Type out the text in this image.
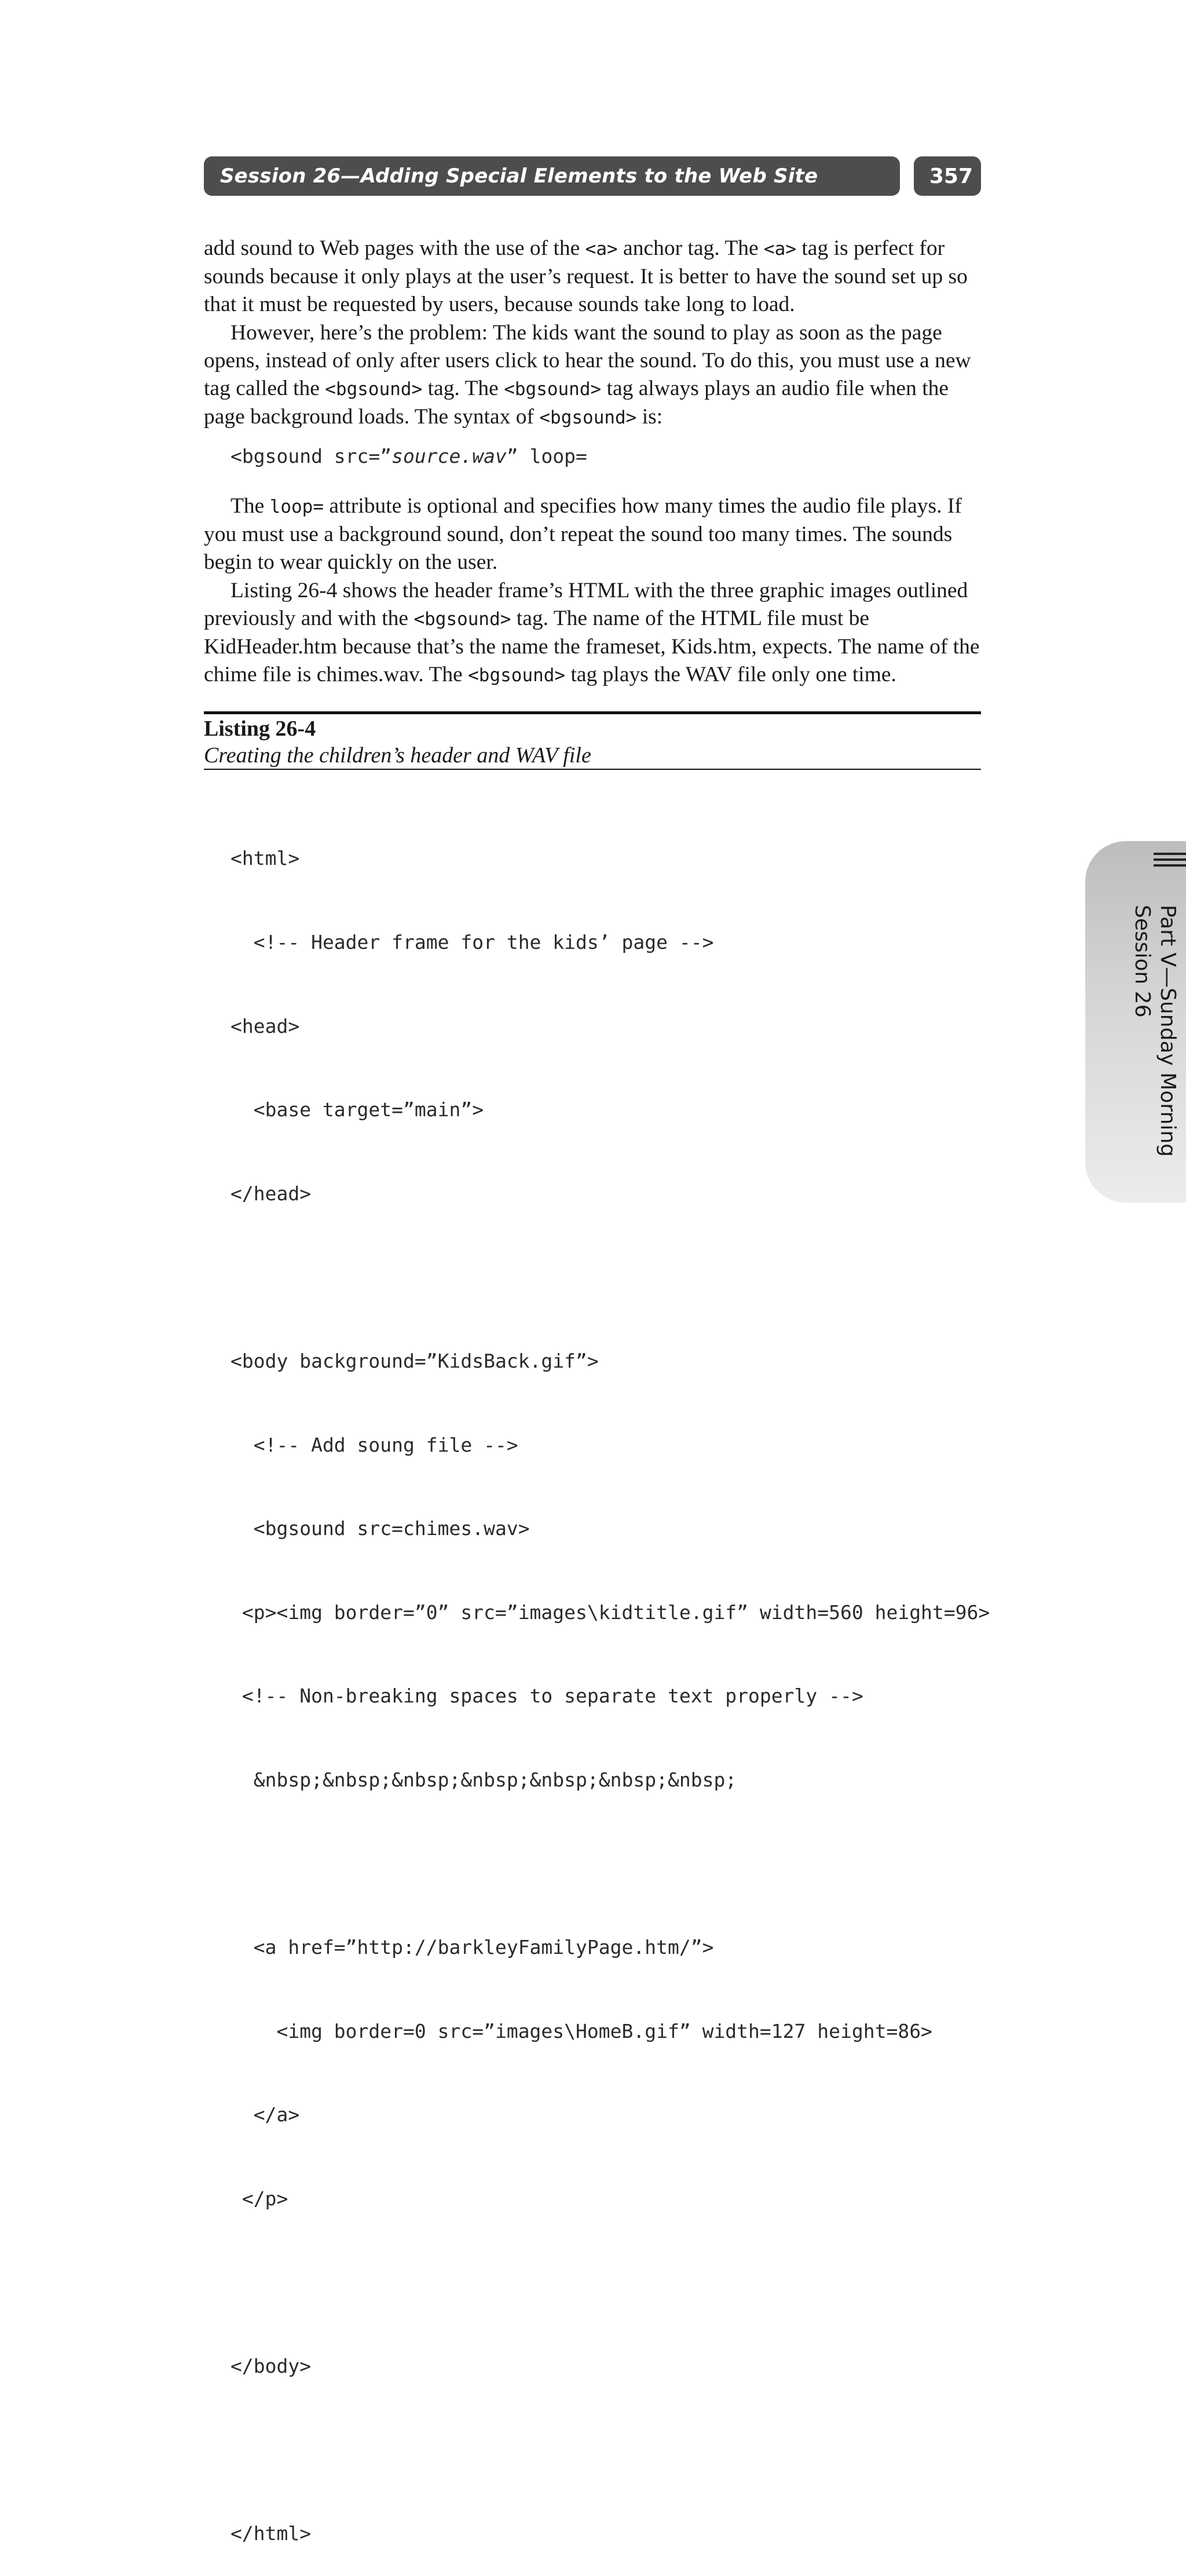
Session 26—Adding Special Elements to the Web Site	357

add sound to Web pages with the use of the <a> anchor tag. The <a> tag is perfect for sounds because it only plays at the user’s request. It is better to have the sound set up so that it must be requested by users, because sounds take long to load.

However, here’s the problem: The kids want the sound to play as soon as the page opens, instead of only after users click to hear the sound. To do this, you must use a new tag called the <bgsound> tag. The <bgsound> tag always plays an audio file when the page background loads. The syntax of <bgsound> is:

<bgsound src=”source.wav” loop=

The loop= attribute is optional and specifies how many times the audio file plays. If you must use a background sound, don’t repeat the sound too many times. The sounds begin to wear quickly on the user.

Listing 26-4 shows the header frame’s HTML with the three graphic images outlined previously and with the <bgsound> tag. The name of the HTML file must be KidHeader.htm because that’s the name the frameset, Kids.htm, expects. The name of the chime file is chimes.wav. The <bgsound> tag plays the WAV file only one time.

Listing 26-4
Creating the children’s header and WAV file

<html>

<!-- Header frame for the kids’ page -->

<head>

<base target=”main”>

</head>

<body background=”KidsBack.gif”>

<!-- Add soung file -->

<bgsound src=chimes.wav>

<p><img border=”0” src=”images\kidtitle.gif” width=560 height=96>

<!-- Non-breaking spaces to separate text properly -->

&nbsp;&nbsp;&nbsp;&nbsp;&nbsp;&nbsp;&nbsp;

<a href=”http://barkleyFamilyPage.htm/”>

<img border=0 src=”images\HomeB.gif” width=127 height=86>

</a>

</p>

</body>

</html>

Part V—Sunday Morning
Session 26
